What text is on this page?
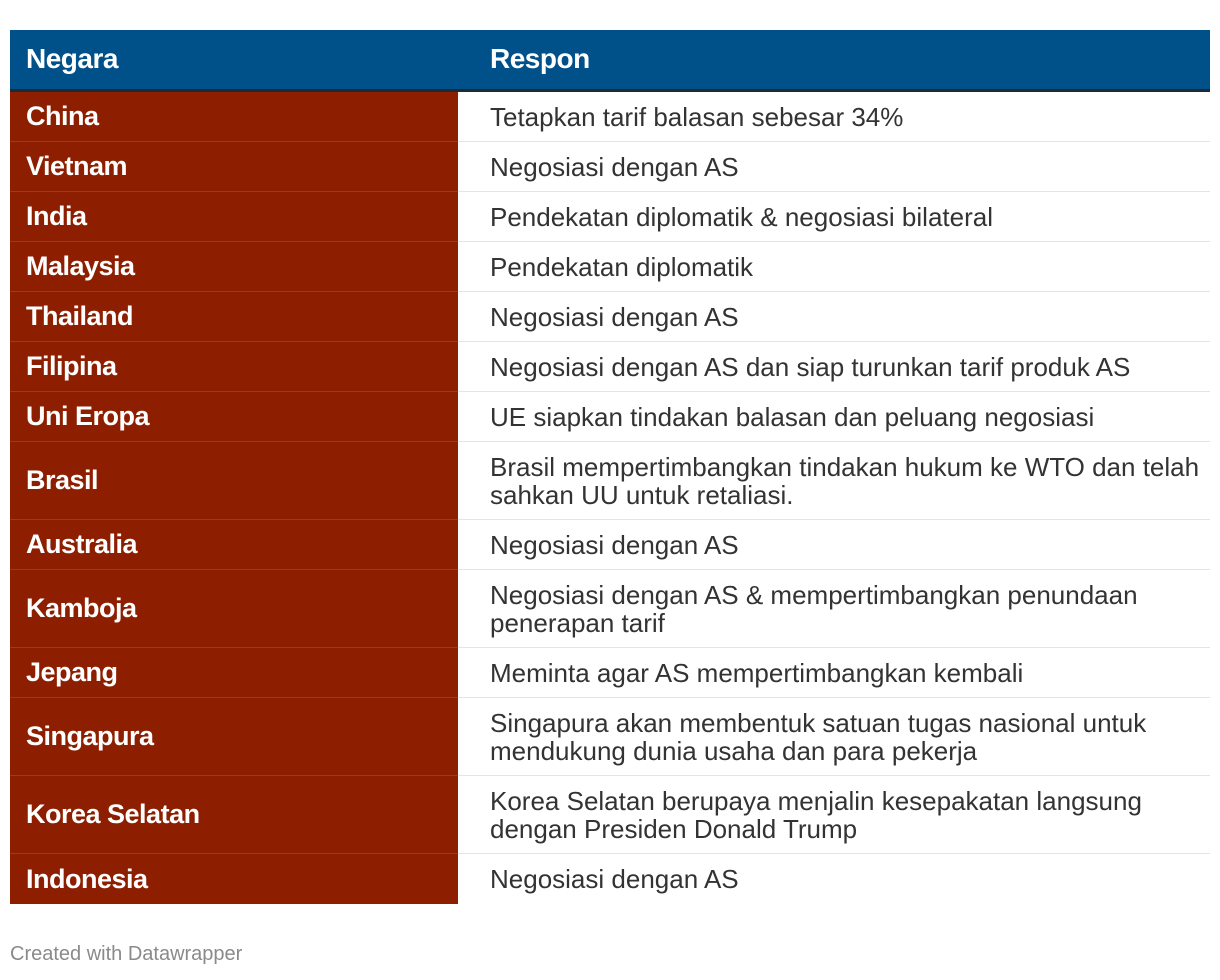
Negara	Respon
China	Tetapkan tarif balasan sebesar 34%
Vietnam	Negosiasi dengan AS
India	Pendekatan diplomatik & negosiasi bilateral
Malaysia	Pendekatan diplomatik
Thailand	Negosiasi dengan AS
Filipina	Negosiasi dengan AS dan siap turunkan tarif produk AS
Uni Eropa	UE siapkan tindakan balasan dan peluang negosiasi
Brasil	Brasil mempertimbangkan tindakan hukum ke WTO dan telah sahkan UU untuk retaliasi.
Australia	Negosiasi dengan AS
Kamboja	Negosiasi dengan AS & mempertimbangkan penundaan penerapan tarif
Jepang	Meminta agar AS mempertimbangkan kembali
Singapura	Singapura akan membentuk satuan tugas nasional untuk mendukung dunia usaha dan para pekerja
Korea Selatan	Korea Selatan berupaya menjalin kesepakatan langsung dengan Presiden Donald Trump
Indonesia	Negosiasi dengan AS
Created with Datawrapper
